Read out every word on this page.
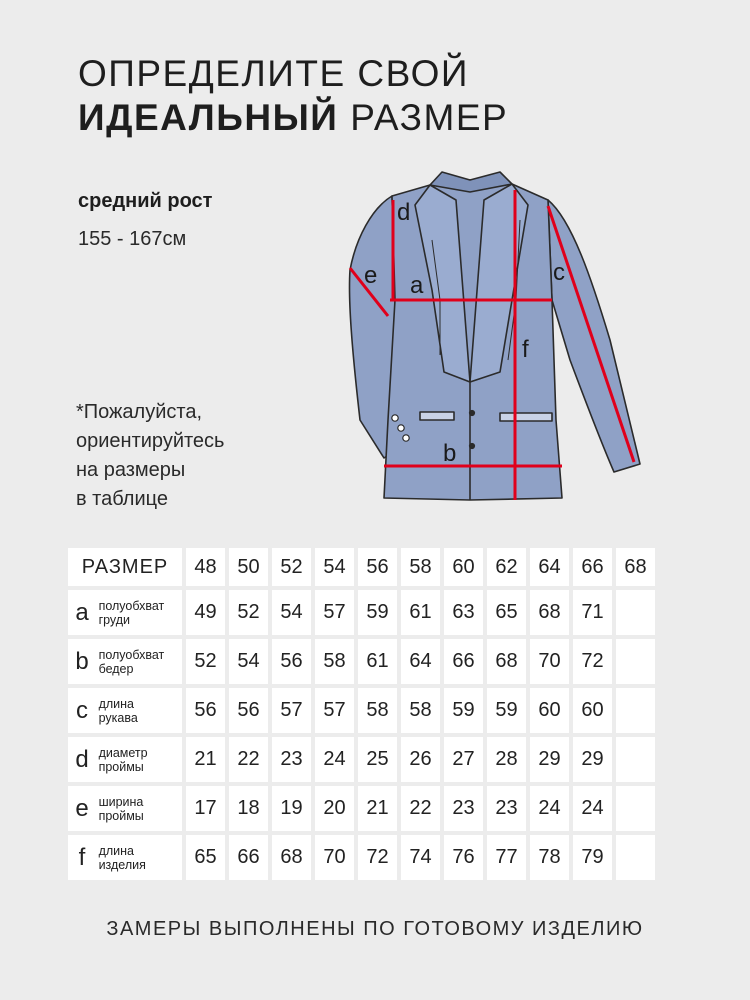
ОПРЕДЕЛИТЕ СВОЙ
ИДЕАЛЬНЫЙ РАЗМЕР
средний рост
155 - 167см
*Пожалуйста,
ориентируйтесь
на размеры
в таблице
d
e a	c
f
b
РАЗМЕР	48	50	52	54	56	58	60	62	64	66	68
a полуобхват
груди	49	52	54	57	59	61	63	65	68	71	
b полуобхват
бедер	52	54	56	58	61	64	66	68	70	72	
c длина
рукава	56	56	57	57	58	58	59	59	60	60	
d диаметр
проймы	21	22	23	24	25	26	27	28	29	29	
e ширина
проймы	17	18	19	20	21	22	23	23	24	24	
f длина
изделия	65	66	68	70	72	74	76	77	78	79	
ЗАМЕРЫ ВЫПОЛНЕНЫ ПО ГОТОВОМУ ИЗДЕЛИЮ
